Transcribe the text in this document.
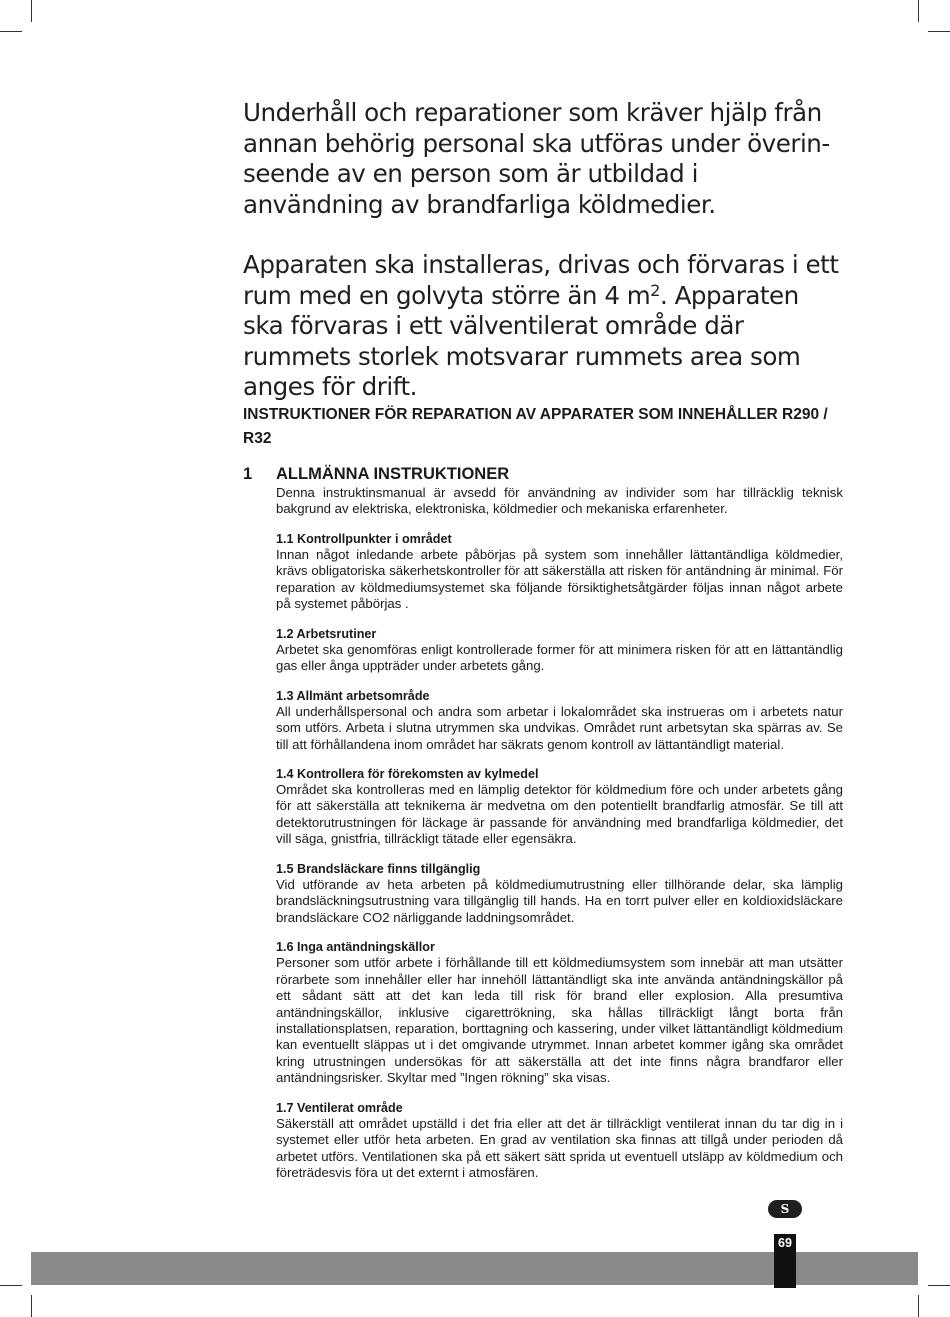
Underhåll och reparationer som kräver hjälp från annan behörig personal ska utföras under överin-seende av en person som är utbildad i användning av brandfarliga köldmedier.

Apparaten ska installeras, drivas och förvaras i ett rum med en golvyta större än 4 $m^2$. Apparaten ska förvaras i ett välventilerat område där rummets storlek motsvarar rummets area som anges för drift.

INSTRUKTIONER FÖR REPARATION AV APPARATER SOM INNEHÅLLER R290 / R32
1 ALLMÄNNA INSTRUKTIONER

Denna instruktinsmanual är avsedd för användning av individer som har tillräcklig teknisk bakgrund av elektriska, elektroniska, köldmedier och mekaniska erfarenheter.

1.1 Kontrollpunkter i området

Innan något inledande arbete påbörjas på system som innehåller lättantändliga köldmedier, krävs obligatoriska säkerhetskontroller för att säkerställa att risken för antändning är minimal. För reparation av köldmediumsystemet ska följande försiktighetsåtgärder följas innan något arbete på systemet påbörjas .

1.2 Arbetsrutiner

Arbetet ska genomföras enligt kontrollerade former för att minimera risken för att en lättantändlig gas eller ånga uppträder under arbetets gång.

1.3 Allmänt arbetsområde

All underhållspersonal och andra som arbetar i lokalområdet ska instrueras om i arbetets natur som utförs. Arbeta i slutna utrymmen ska undvikas. Området runt arbetsytan ska spärras av. Se till att förhållandena inom området har säkrats genom kontroll av lättantändligt material.

1.4 Kontrollera för förekomsten av kylmedel

Området ska kontrolleras med en lämplig detektor för köldmedium före och under arbetets gång för att säkerställa att teknikerna är medvetna om den potentiellt brandfarlig atmosfär. Se till att detektorutrustningen för läckage är passande för användning med brandfarliga köldmedier, det vill säga, gnistfria, tillräckligt tätade eller egensäkra.

1.5 Brandsläckare finns tillgänglig

Vid utförande av heta arbeten på köldmediumutrustning eller tillhörande delar, ska lämplig brandsläckningsutrustning vara tillgänglig till hands. Ha en torrt pulver eller en koldioxidsläckare brandsläckare CO2 närliggande laddningsområdet.

1.6 Inga antändningskällor

Personer som utför arbete i förhållande till ett köldmediumsystem som innebär att man utsätter rörarbete som innehåller eller har innehöll lättantändligt ska inte använda antändningskällor på ett sådant sätt att det kan leda till risk för brand eller explosion. Alla presumtiva antändningskällor, inklusive cigarettrökning, ska hållas tillräckligt långt borta från installationsplatsen, reparation, borttagning och kassering, under vilket lättantändligt köldmedium kan eventuellt släppas ut i det omgivande utrymmet. Innan arbetet kommer igång ska området kring utrustningen undersökas för att säkerställa att det inte finns några brandfaror eller antändningsrisker. Skyltar med ”Ingen rökning” ska visas.

1.7 Ventilerat område

Säkerställ att området upställd i det fria eller att det är tillräckligt ventilerat innan du tar dig in i systemet eller utför heta arbeten. En grad av ventilation ska finnas att tillgå under perioden då arbetet utförs. Ventilationen ska på ett säkert sätt sprida ut eventuell utsläpp av köldmedium och företrädesvis föra ut det externt i atmosfären.

S
69
